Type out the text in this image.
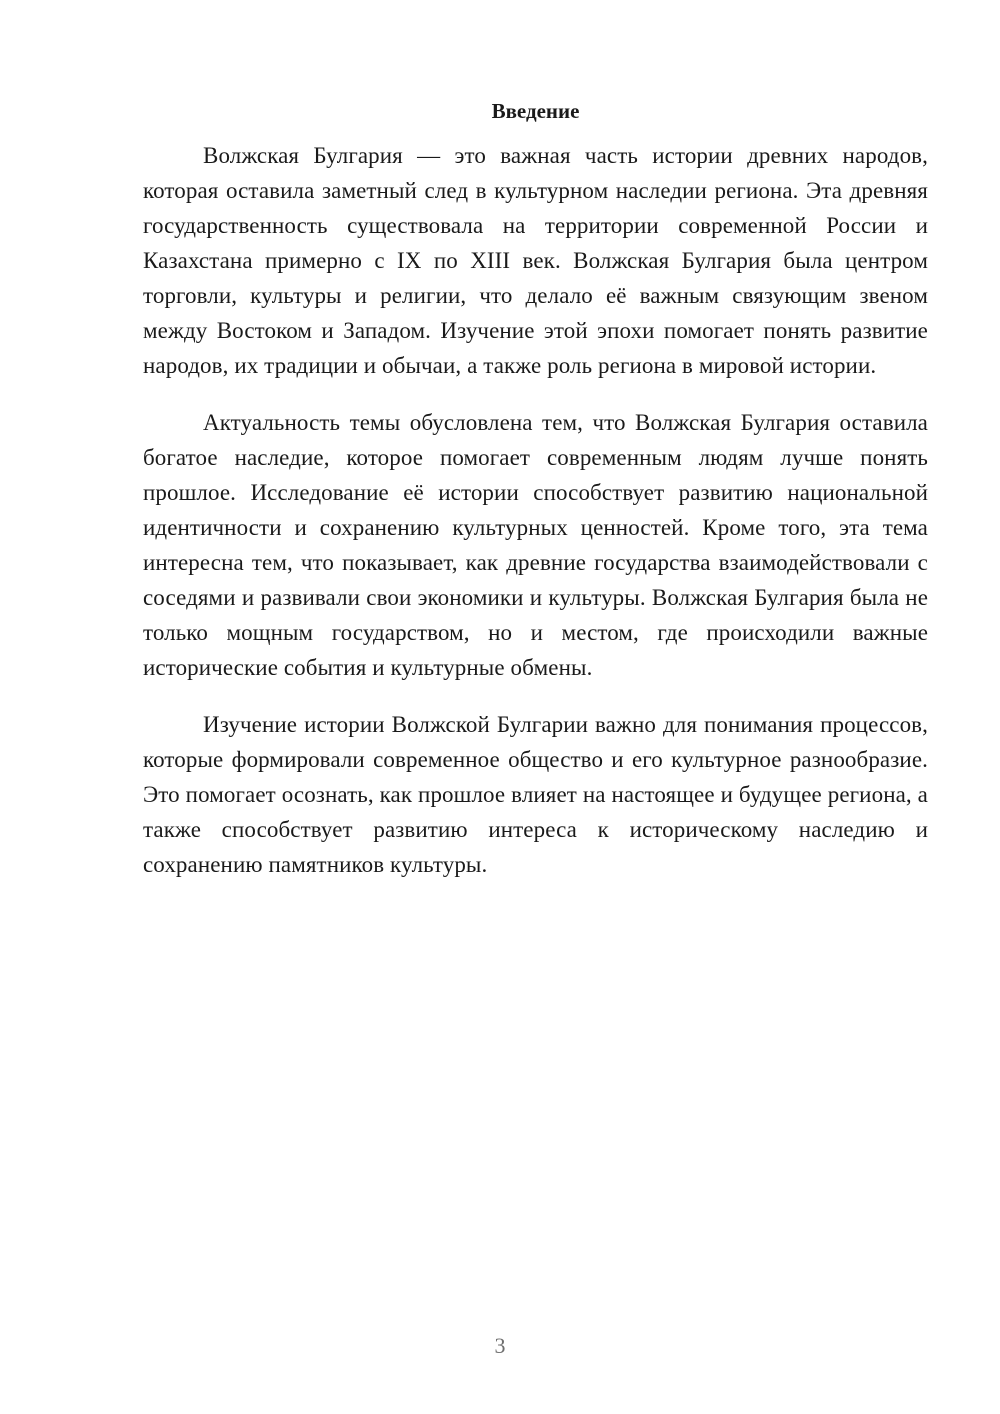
Введение

Волжская Булгария — это важная часть истории древних народов, которая оставила заметный след в культурном наследии региона. Эта древняя государственность существовала на территории современной России и Казахстана примерно с IX по XIII век. Волжская Булгария была центром торговли, культуры и религии, что делало её важным связующим звеном между Востоком и Западом. Изучение этой эпохи помогает понять развитие народов, их традиции и обычаи, а также роль региона в мировой истории.

Актуальность темы обусловлена тем, что Волжская Булгария оставила богатое наследие, которое помогает современным людям лучше понять прошлое. Исследование её истории способствует развитию национальной идентичности и сохранению культурных ценностей. Кроме того, эта тема интересна тем, что показывает, как древние государства взаимодействовали с соседями и развивали свои экономики и культуры. Волжская Булгария была не только мощным государством, но и местом, где происходили важные исторические события и культурные обмены.

Изучение истории Волжской Булгарии важно для понимания процессов, которые формировали современное общество и его культурное разнообразие. Это помогает осознать, как прошлое влияет на настоящее и будущее региона, а также способствует развитию интереса к историческому наследию и сохранению памятников культуры.

3
